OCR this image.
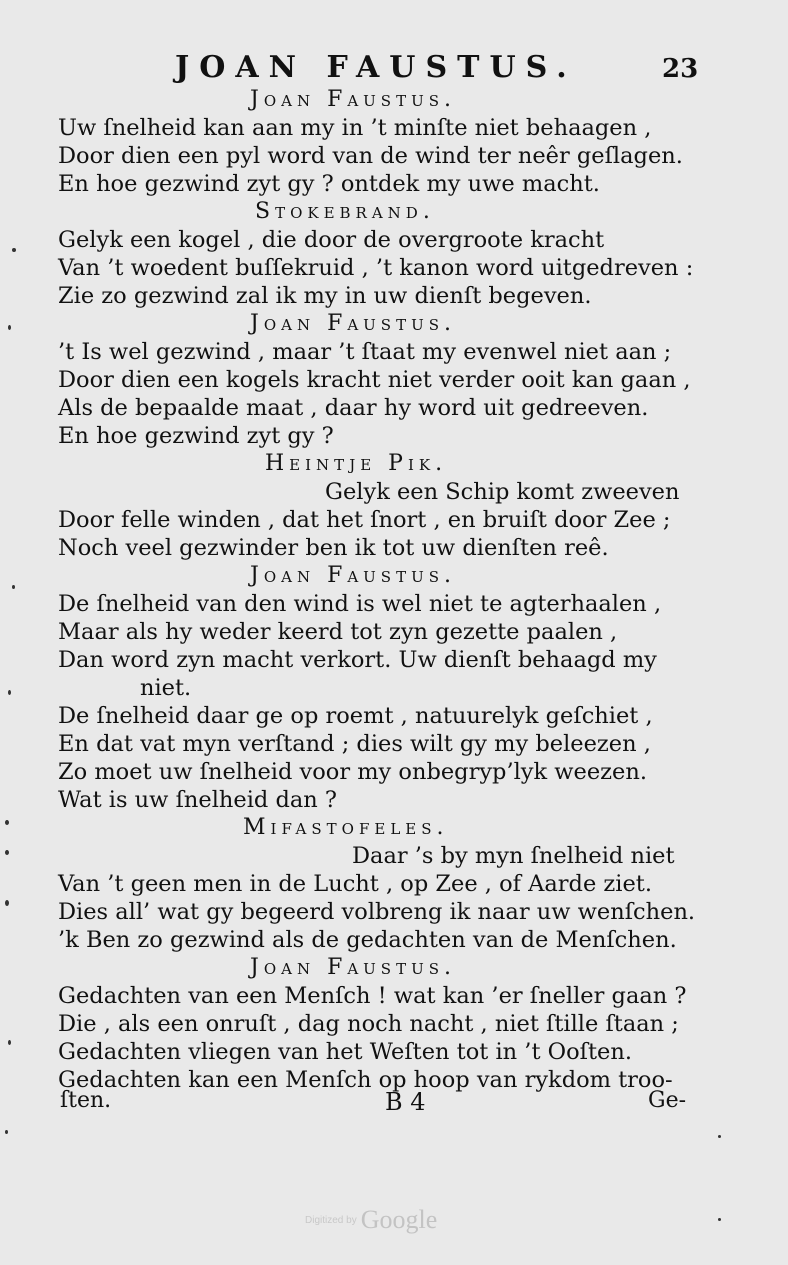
JOAN FAUSTUS.	23
Joan Faustus.
Uw ſnelheid kan aan my in ’t minſte niet behaagen ,
Door dien een pyl word van de wind ter neêr geſlagen.
En hoe gezwind zyt gy ? ontdek my uwe macht.
Stokebrand.
Gelyk een kogel , die door de overgroote kracht
Van ’t woedent buſſekruid , ’t kanon word uitgedreven :
Zie zo gezwind zal ik my in uw dienſt begeven.
Joan Faustus.
’t Is wel gezwind , maar ’t ſtaat my evenwel niet aan ;
Door dien een kogels kracht niet verder ooit kan gaan ,
Als de bepaalde maat , daar hy word uit gedreeven.
En hoe gezwind zyt gy ?
Heintje Pik.
Gelyk een Schip komt zweeven
Door felle winden , dat het ſnort , en bruiſt door Zee ;
Noch veel gezwinder ben ik tot uw dienſten reê.
Joan Faustus.
De ſnelheid van den wind is wel niet te agterhaalen ,
Maar als hy weder keerd tot zyn gezette paalen ,
Dan word zyn macht verkort. Uw dienſt behaagd my
niet.
De ſnelheid daar ge op roemt , natuurelyk geſchiet ,
En dat vat myn verſtand ; dies wilt gy my beleezen ,
Zo moet uw ſnelheid voor my onbegryp’lyk weezen.
Wat is uw ſnelheid dan ?
Mifastofeles.
Daar ’s by myn ſnelheid niet
Van ’t geen men in de Lucht , op Zee , of Aarde ziet.
Dies all’ wat gy begeerd volbreng ik naar uw wenſchen.
’k Ben zo gezwind als de gedachten van de Menſchen.
Joan Faustus.
Gedachten van een Menſch ! wat kan ’er ſneller gaan ?
Die , als een onruſt , dag noch nacht , niet ſtille ſtaan ;
Gedachten vliegen van het Weſten tot in ’t Ooſten.
Gedachten kan een Menſch op hoop van rykdom troo-
ſten.	B 4	Ge-
Digitized by Google
